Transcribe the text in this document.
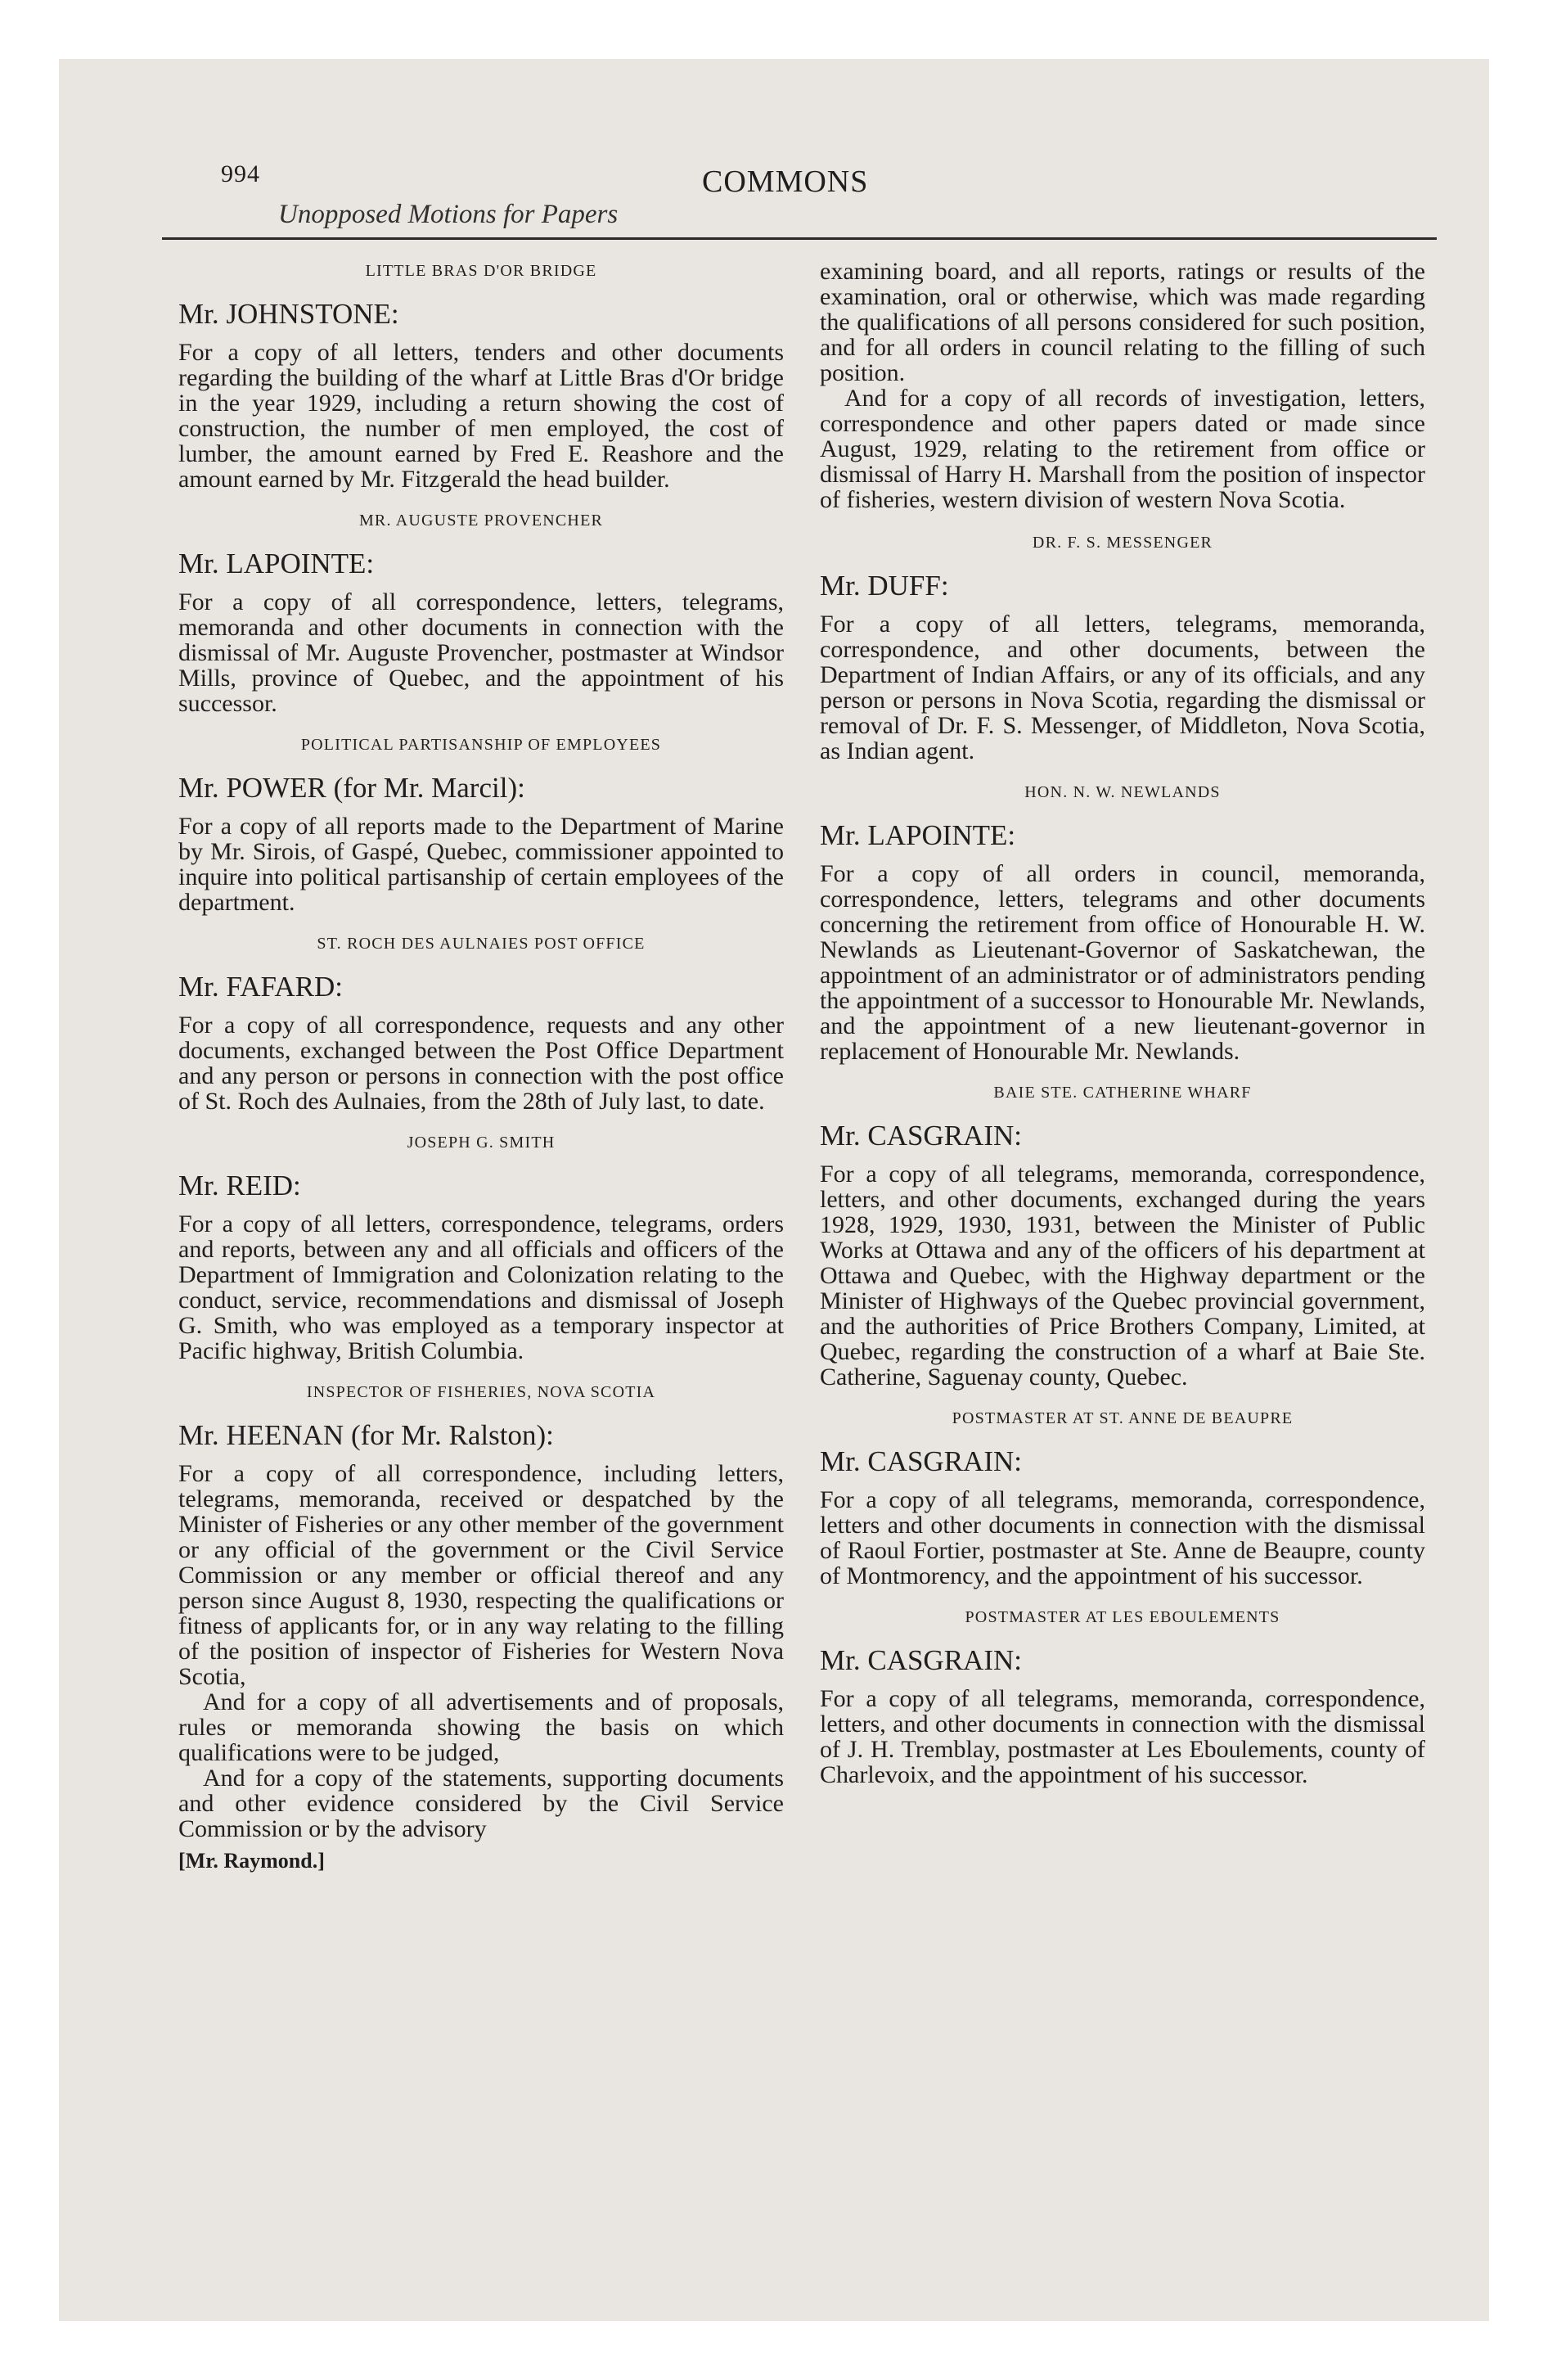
994
Unopposed Motions for Papers
COMMONS
LITTLE BRAS D'OR BRIDGE
Mr. JOHNSTONE:

For a copy of all letters, tenders and other documents regarding the building of the wharf at Little Bras d'Or bridge in the year 1929, including a return showing the cost of construction, the number of men employed, the cost of lumber, the amount earned by Fred E. Reashore and the amount earned by Mr. Fitzgerald the head builder.

MR. AUGUSTE PROVENCHER
Mr. LAPOINTE:

For a copy of all correspondence, letters, telegrams, memoranda and other documents in connection with the dismissal of Mr. Auguste Provencher, postmaster at Windsor Mills, province of Quebec, and the appointment of his successor.

POLITICAL PARTISANSHIP OF EMPLOYEES
Mr. POWER (for Mr. Marcil):

For a copy of all reports made to the Department of Marine by Mr. Sirois, of Gaspé, Quebec, commissioner appointed to inquire into political partisanship of certain employees of the department.

ST. ROCH DES AULNAIES POST OFFICE
Mr. FAFARD:

For a copy of all correspondence, requests and any other documents, exchanged between the Post Office Department and any person or persons in connection with the post office of St. Roch des Aulnaies, from the 28th of July last, to date.

JOSEPH G. SMITH
Mr. REID:

For a copy of all letters, correspondence, telegrams, orders and reports, between any and all officials and officers of the Department of Immigration and Colonization relating to the conduct, service, recommendations and dismissal of Joseph G. Smith, who was employed as a temporary inspector at Pacific highway, British Columbia.

INSPECTOR OF FISHERIES, NOVA SCOTIA
Mr. HEENAN (for Mr. Ralston):

For a copy of all correspondence, including letters, telegrams, memoranda, received or despatched by the Minister of Fisheries or any other member of the government or any official of the government or the Civil Service Commission or any member or official thereof and any person since August 8, 1930, respecting the qualifications or fitness of applicants for, or in any way relating to the filling of the position of inspector of Fisheries for Western Nova Scotia,

And for a copy of all advertisements and of proposals, rules or memoranda showing the basis on which qualifications were to be judged,

And for a copy of the statements, supporting documents and other evidence considered by the Civil Service Commission or by the advisory

[Mr. Raymond.]

examining board, and all reports, ratings or results of the examination, oral or otherwise, which was made regarding the qualifications of all persons considered for such position, and for all orders in council relating to the filling of such position.

And for a copy of all records of investigation, letters, correspondence and other papers dated or made since August, 1929, relating to the retirement from office or dismissal of Harry H. Marshall from the position of inspector of fisheries, western division of western Nova Scotia.

DR. F. S. MESSENGER
Mr. DUFF:

For a copy of all letters, telegrams, memoranda, correspondence, and other documents, between the Department of Indian Affairs, or any of its officials, and any person or persons in Nova Scotia, regarding the dismissal or removal of Dr. F. S. Messenger, of Middleton, Nova Scotia, as Indian agent.

HON. N. W. NEWLANDS
Mr. LAPOINTE:

For a copy of all orders in council, memoranda, correspondence, letters, telegrams and other documents concerning the retirement from office of Honourable H. W. Newlands as Lieutenant-Governor of Saskatchewan, the appointment of an administrator or of administrators pending the appointment of a successor to Honourable Mr. Newlands, and the appointment of a new lieutenant-governor in replacement of Honourable Mr. Newlands.

BAIE STE. CATHERINE WHARF
Mr. CASGRAIN:

For a copy of all telegrams, memoranda, correspondence, letters, and other documents, exchanged during the years 1928, 1929, 1930, 1931, between the Minister of Public Works at Ottawa and any of the officers of his department at Ottawa and Quebec, with the Highway department or the Minister of Highways of the Quebec provincial government, and the authorities of Price Brothers Company, Limited, at Quebec, regarding the construction of a wharf at Baie Ste. Catherine, Saguenay county, Quebec.

POSTMASTER AT ST. ANNE DE BEAUPRE
Mr. CASGRAIN:

For a copy of all telegrams, memoranda, correspondence, letters and other documents in connection with the dismissal of Raoul Fortier, postmaster at Ste. Anne de Beaupre, county of Montmorency, and the appointment of his successor.

POSTMASTER AT LES EBOULEMENTS
Mr. CASGRAIN:

For a copy of all telegrams, memoranda, correspondence, letters, and other documents in connection with the dismissal of J. H. Tremblay, postmaster at Les Eboulements, county of Charlevoix, and the appointment of his successor.
